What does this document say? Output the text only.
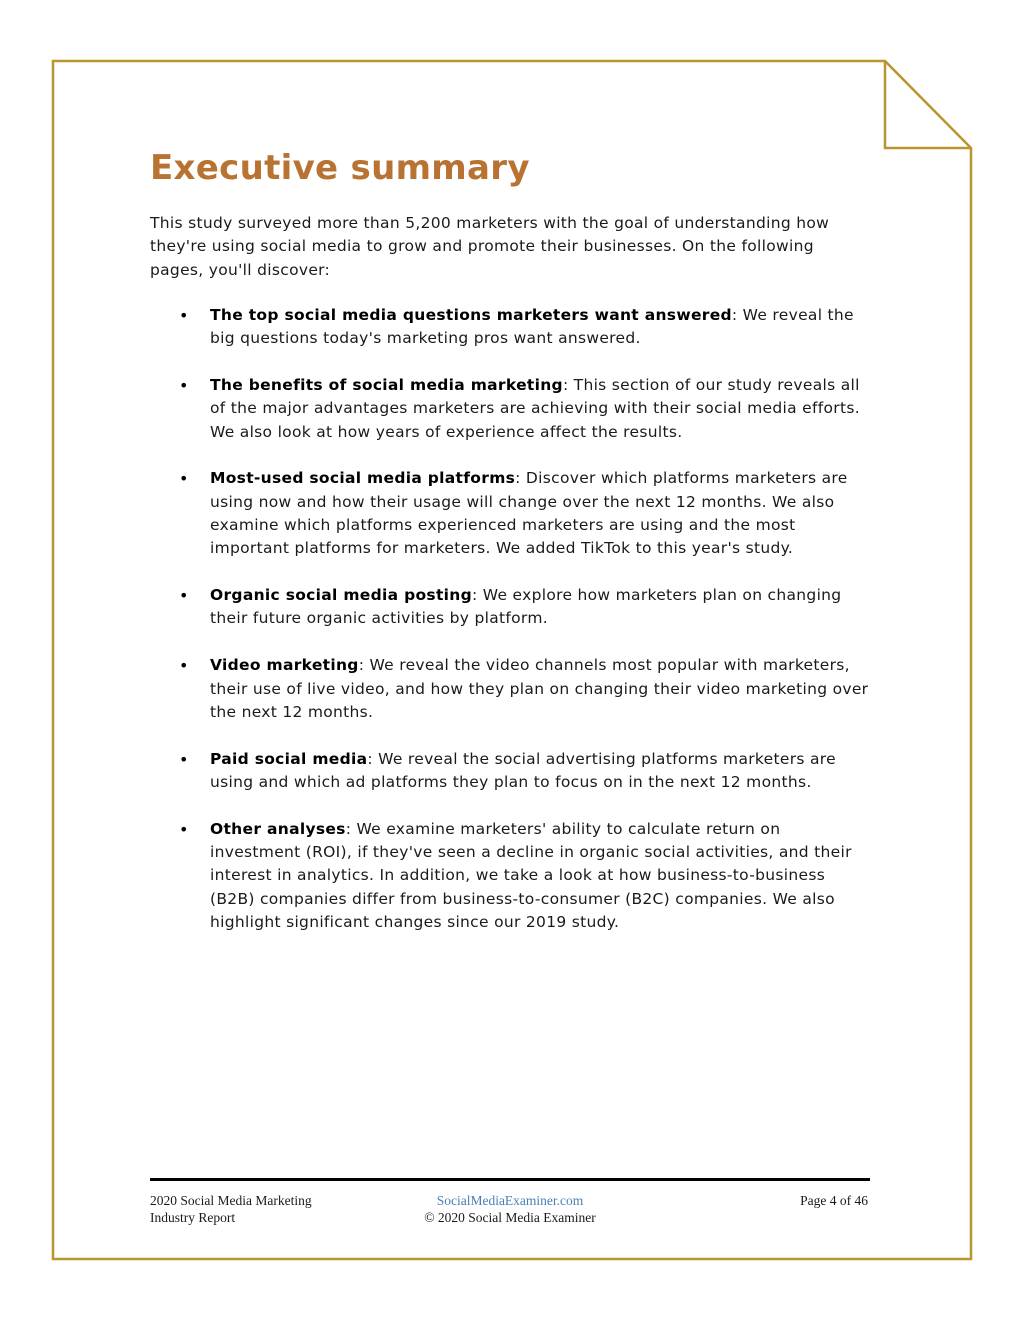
Executive summary

This study surveyed more than 5,200 marketers with the goal of understanding how they're using social media to grow and promote their businesses. On the following pages, you'll discover:

• The top social media questions marketers want answered: We reveal the big questions today's marketing pros want answered.
• The benefits of social media marketing: This section of our study reveals all of the major advantages marketers are achieving with their social media efforts. We also look at how years of experience affect the results.
• Most-used social media platforms: Discover which platforms marketers are using now and how their usage will change over the next 12 months. We also examine which platforms experienced marketers are using and the most important platforms for marketers. We added TikTok to this year's study.
• Organic social media posting: We explore how marketers plan on changing their future organic activities by platform.
• Video marketing: We reveal the video channels most popular with marketers, their use of live video, and how they plan on changing their video marketing over the next 12 months.
• Paid social media: We reveal the social advertising platforms marketers are using and which ad platforms they plan to focus on in the next 12 months.
• Other analyses: We examine marketers' ability to calculate return on investment (ROI), if they've seen a decline in organic social activities, and their interest in analytics. In addition, we take a look at how business-to-business (B2B) companies differ from business-to-consumer (B2C) companies. We also highlight significant changes since our 2019 study.
2020 Social Media Marketing
Industry Report
SocialMediaExaminer.com
© 2020 Social Media Examiner
Page 4 of 46
